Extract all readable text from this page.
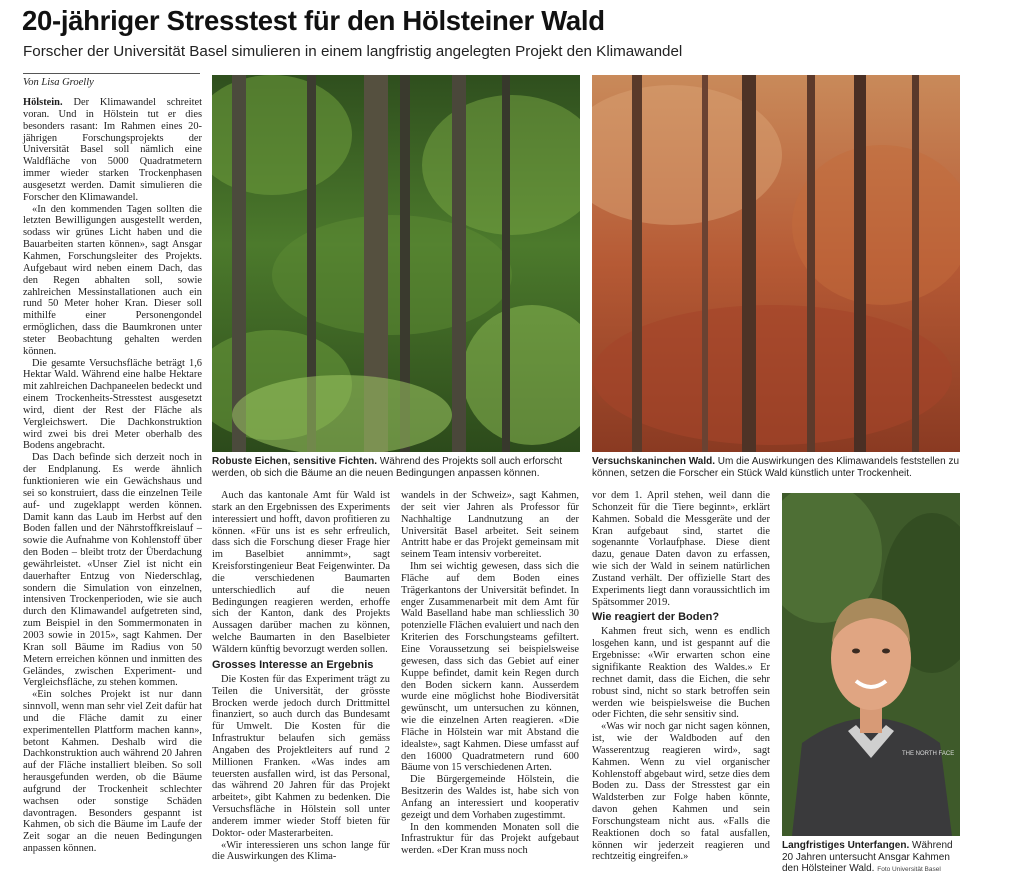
20-jähriger Stresstest für den Hölsteiner Wald

Forscher der Universität Basel simulieren in einem langfristig angelegten Projekt den Klimawandel

Von Lisa Groelly

Hölstein. Der Klimawandel schreitet voran. Und in Hölstein tut er dies besonders rasant: Im Rahmen eines 20-jährigen Forschungsprojekts der Universität Basel soll nämlich eine Waldfläche von 5000 Quadratmetern immer wieder starken Trockenphasen ausgesetzt werden. Damit simulieren die Forscher den Klimawandel.

«In den kommenden Tagen sollten die letzten Bewilligungen ausgestellt werden, sodass wir grünes Licht haben und die Bauarbeiten starten können», sagt Ansgar Kahmen, Forschungsleiter des Projekts. Aufgebaut wird neben einem Dach, das den Regen abhalten soll, sowie zahlreichen Messinstallationen auch ein rund 50 Meter hoher Kran. Dieser soll mithilfe einer Personengondel ermöglichen, dass die Baumkronen unter steter Beobachtung gehalten werden können.

Die gesamte Versuchsfläche beträgt 1,6 Hektar Wald. Während eine halbe Hektare mit zahlreichen Dachpaneelen bedeckt und einem Trockenheits-Stresstest ausgesetzt wird, dient der Rest der Fläche als Vergleichswert. Die Dachkonstruktion wird zwei bis drei Meter oberhalb des Bodens angebracht.

Das Dach befinde sich derzeit noch in der Endplanung. Es werde ähnlich funktionieren wie ein Gewächshaus und sei so konstruiert, dass die einzelnen Teile auf- und zugeklappt werden können. Damit kann das Laub im Herbst auf den Boden fallen und der Nährstoffkreislauf – sowie die Aufnahme von Kohlenstoff über den Boden – bleibt trotz der Überdachung gewährleistet. «Unser Ziel ist nicht ein dauerhafter Entzug von Niederschlag, sondern die Simulation von einzelnen, intensiven Trockenperioden, wie sie auch durch den Klimawandel aufgetreten sind, zum Beispiel in den Sommermonaten in 2003 sowie in 2015», sagt Kahmen. Der Kran soll Bäume im Radius von 50 Metern erreichen können und inmitten des Geländes, zwischen Experiment- und Vergleichsfläche, zu stehen kommen.

«Ein solches Projekt ist nur dann sinnvoll, wenn man sehr viel Zeit dafür hat und die Fläche damit zu einer experimentellen Plattform machen kann», betont Kahmen. Deshalb wird die Dachkonstruktion auch während 20 Jahren auf der Fläche installiert bleiben. So soll herausgefunden werden, ob die Bäume aufgrund der Trockenheit schlechter wachsen oder sonstige Schäden davontragen. Besonders gespannt ist Kahmen, ob sich die Bäume im Laufe der Zeit sogar an die neuen Bedingungen anpassen können.

Robuste Eichen, sensitive Fichten. Während des Projekts soll auch erforscht werden, ob sich die Bäume an die neuen Bedingungen anpassen können.
Versuchskaninchen Wald. Um die Auswirkungen des Klimawandels feststellen zu können, setzen die Forscher ein Stück Wald künstlich unter Trockenheit.

Auch das kantonale Amt für Wald ist stark an den Ergebnissen des Experiments interessiert und hofft, davon profitieren zu können. «Für uns ist es sehr erfreulich, dass sich die Forschung dieser Frage hier im Baselbiet annimmt», sagt Kreisforstingenieur Beat Feigenwinter. Da die verschiedenen Baumarten unterschiedlich auf die neuen Bedingungen reagieren werden, erhoffe sich der Kanton, dank des Projekts Aussagen darüber machen zu können, welche Baumarten in den Baselbieter Wäldern künftig bevorzugt werden sollen.

Grosses Interesse an Ergebnis

Die Kosten für das Experiment trägt zu Teilen die Universität, der grösste Brocken werde jedoch durch Drittmittel finanziert, so auch durch das Bundesamt für Umwelt. Die Kosten für die Infrastruktur belaufen sich gemäss Angaben des Projektleiters auf rund 2 Millionen Franken. «Was indes am teuersten ausfallen wird, ist das Personal, das während 20 Jahren für das Projekt arbeitet», gibt Kahmen zu bedenken. Die Versuchsfläche in Hölstein soll unter anderem immer wieder Stoff bieten für Doktor- oder Masterarbeiten.

«Wir interessieren uns schon lange für die Auswirkungen des Klima-

wandels in der Schweiz», sagt Kahmen, der seit vier Jahren als Professor für Nachhaltige Landnutzung an der Universität Basel arbeitet. Seit seinem Antritt habe er das Projekt gemeinsam mit seinem Team intensiv vorbereitet.

Ihm sei wichtig gewesen, dass sich die Fläche auf dem Boden eines Trägerkantons der Universität befindet. In enger Zusammenarbeit mit dem Amt für Wald Baselland habe man schliesslich 30 potenzielle Flächen evaluiert und nach den Kriterien des Forschungsteams gefiltert. Eine Voraussetzung sei beispielsweise gewesen, dass sich das Gebiet auf einer Kuppe befindet, damit kein Regen durch den Boden sickern kann. Ausserdem wurde eine möglichst hohe Biodiversität gewünscht, um untersuchen zu können, wie die einzelnen Arten reagieren. «Die Fläche in Hölstein war mit Abstand die idealste», sagt Kahmen. Diese umfasst auf den 16000 Quadratmetern rund 600 Bäume von 15 verschiedenen Arten.

Die Bürgergemeinde Hölstein, die Besitzerin des Waldes ist, habe sich von Anfang an interessiert und kooperativ gezeigt und dem Vorhaben zugestimmt.

In den kommenden Monaten soll die Infrastruktur für das Projekt aufgebaut werden. «Der Kran muss noch

vor dem 1. April stehen, weil dann die Schonzeit für die Tiere beginnt», erklärt Kahmen. Sobald die Messgeräte und der Kran aufgebaut sind, startet die sogenannte Vorlaufphase. Diese dient dazu, genaue Daten davon zu erfassen, wie sich der Wald in seinem natürlichen Zustand verhält. Der offizielle Start des Experiments liegt dann voraussichtlich im Spätsommer 2019.

Wie reagiert der Boden?

Kahmen freut sich, wenn es endlich losgehen kann, und ist gespannt auf die Ergebnisse: «Wir erwarten schon eine signifikante Reaktion des Waldes.» Er rechnet damit, dass die Eichen, die sehr robust sind, nicht so stark betroffen sein werden wie beispielsweise die Buchen oder Fichten, die sehr sensitiv sind.

«Was wir noch gar nicht sagen können, ist, wie der Waldboden auf den Wasserentzug reagieren wird», sagt Kahmen. Wenn zu viel organischer Kohlenstoff abgebaut wird, setze dies dem Boden zu. Dass der Stresstest gar ein Waldsterben zur Folge haben könnte, davon gehen Kahmen und sein Forschungsteam nicht aus. «Falls die Reaktionen doch so fatal ausfallen, können wir jederzeit reagieren und rechtzeitig eingreifen.»

THE NORTH FACE
Langfristiges Unterfangen. Während 20 Jahren untersucht Ansgar Kahmen den Hölsteiner Wald. Foto Universität Basel
